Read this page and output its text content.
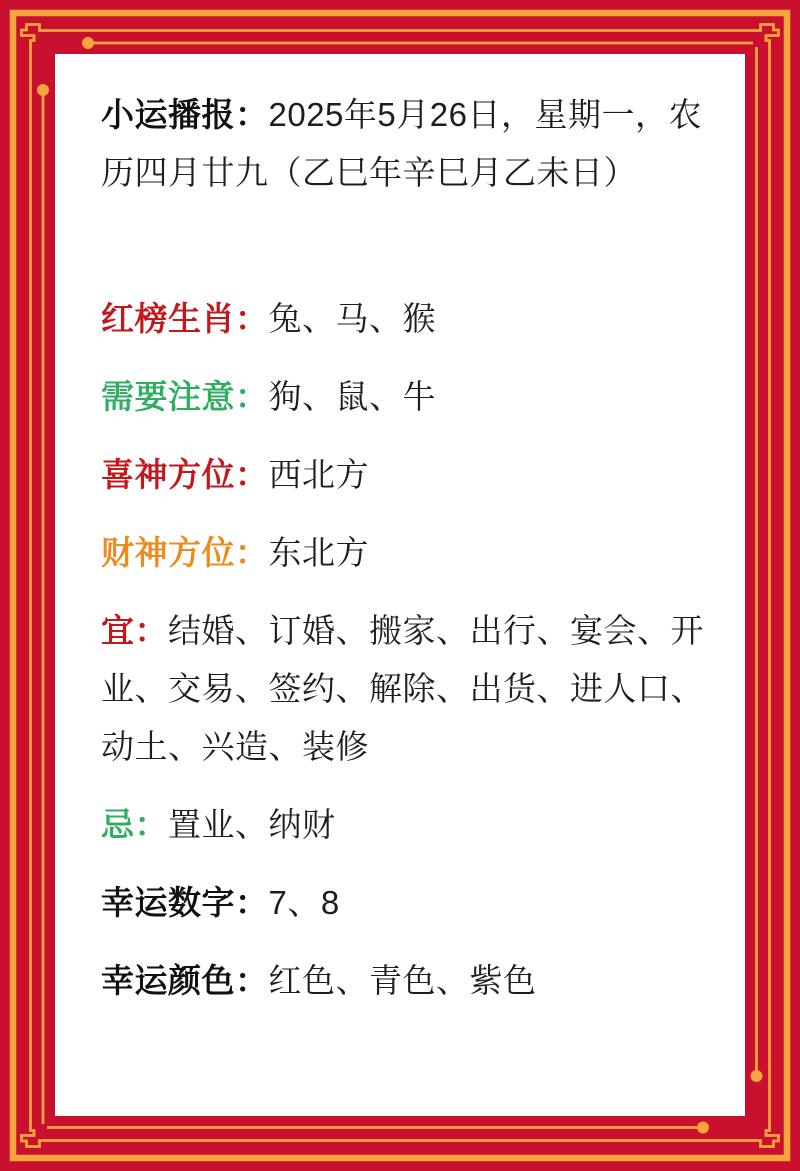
小运播报：2025年5月26日，星期一，农历四月廿九（乙巳年辛巳月乙未日）

红榜生肖：兔、马、猴

需要注意：狗、鼠、牛

喜神方位：西北方

财神方位：东北方

宜：结婚、订婚、搬家、出行、宴会、开业、交易、签约、解除、出货、进人口、动土、兴造、装修

忌：置业、纳财

幸运数字：7、8

幸运颜色：红色、青色、紫色
